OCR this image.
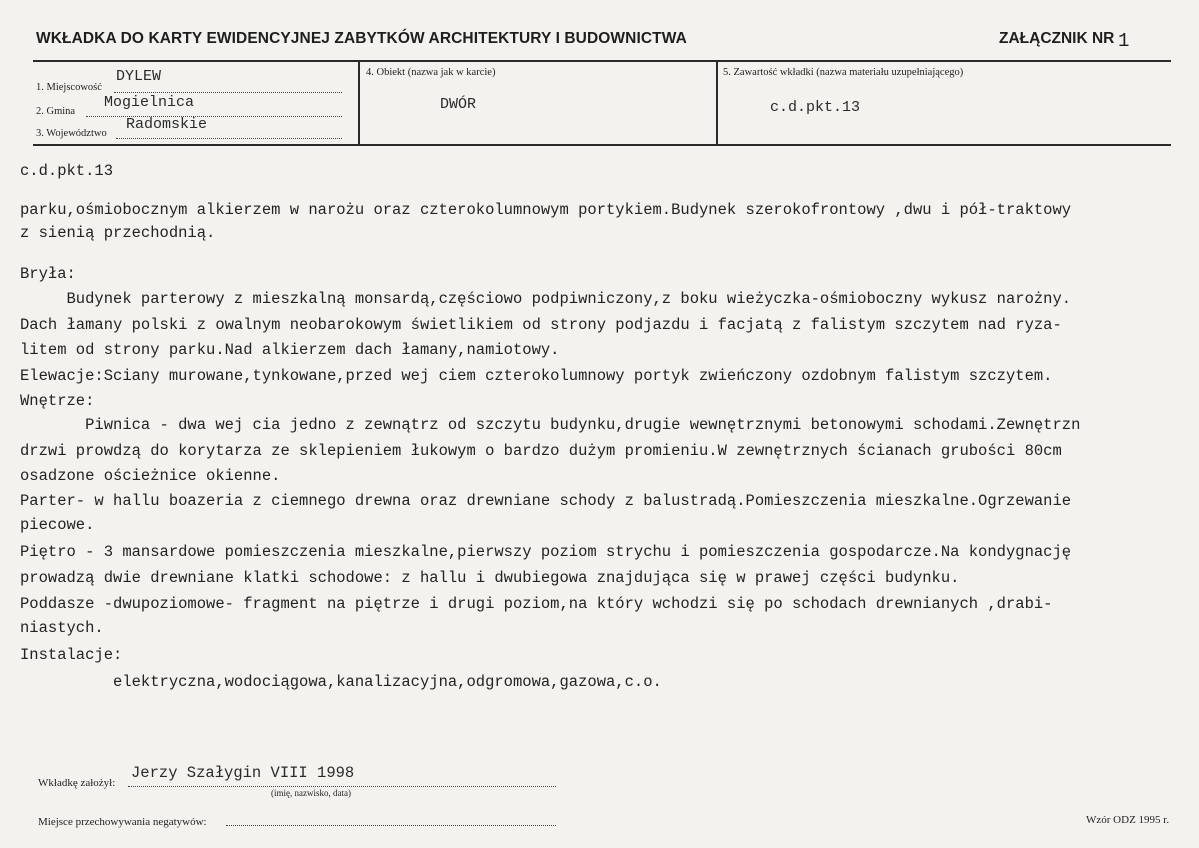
WKŁADKA DO KARTY EWIDENCYJNEJ ZABYTKÓW ARCHITEKTURY I BUDOWNICTWA	ZAŁĄCZNIK NR 1
1. Miejscowość
DYLEW
2. Gmina
Mogielnica
3. Województwo
Radomskie
4. Obiekt (nazwa jak w karcie)
DWÓR
5. Zawartość wkładki (nazwa materiału uzupełniającego)
c.d.pkt.13
c.d.pkt.13
parku,ośmiobocznym alkierzem w narożu oraz czterokolumnowym portykiem.Budynek szerokofrontowy ,dwu i pół-traktowy
z sienią przechodnią.
Bryła:
Budynek parterowy z mieszkalną monsardą,częściowo podpiwniczony,z boku wieżyczka-ośmioboczny wykusz narożny.
Dach łamany polski z owalnym neobarokowym świetlikiem od strony podjazdu i facjatą z falistym szczytem nad ryza-
litem od strony parku.Nad alkierzem dach łamany,namiotowy.
Elewacje:Sciany murowane,tynkowane,przed wej ciem czterokolumnowy portyk zwieńczony ozdobnym falistym szczytem.
Wnętrze:
Piwnica - dwa wej cia jedno z zewnątrz od szczytu budynku,drugie wewnętrznymi betonowymi schodami.Zewnętrzn
drzwi prowdzą do korytarza ze sklepieniem łukowym o bardzo dużym promieniu.W zewnętrznych ścianach grubości 80cm
osadzone ościeżnice okienne.
Parter- w hallu boazeria z ciemnego drewna oraz drewniane schody z balustradą.Pomieszczenia mieszkalne.Ogrzewanie
piecowe.
Piętro - 3 mansardowe pomieszczenia mieszkalne,pierwszy poziom strychu i pomieszczenia gospodarcze.Na kondygnację
prowadzą dwie drewniane klatki schodowe: z hallu i dwubiegowa znajdująca się w prawej części budynku.
Poddasze -dwupoziomowe- fragment na piętrze i drugi poziom,na który wchodzi się po schodach drewnianych ,drabi-
niastych.
Instalacje:
elektryczna,wodociągowa,kanalizacyjna,odgromowa,gazowa,c.o.
Wkładkę założył:
Jerzy Szałygin VIII 1998
(imię, nazwisko, data)
Miejsce przechowywania negatywów:	Wzór ODZ 1995 r.
